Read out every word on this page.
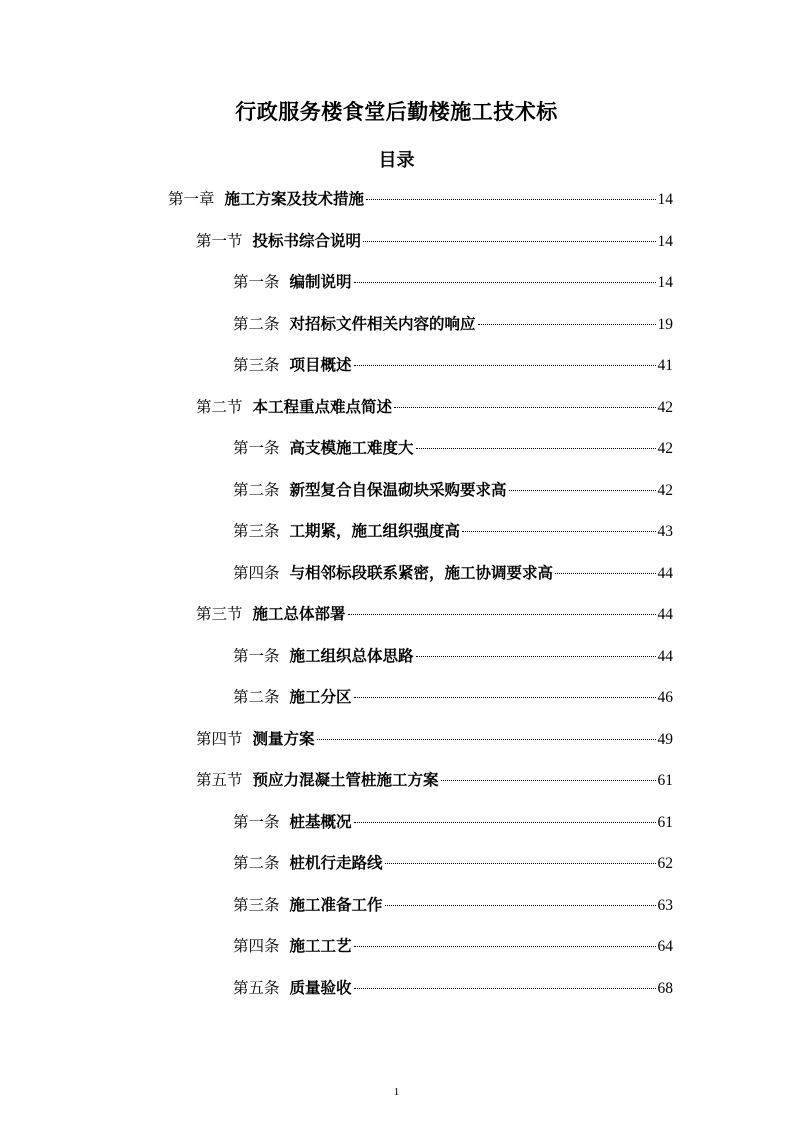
行政服务楼食堂后勤楼施工技术标
目录
第一章 施工方案及技术措施	14
第一节 投标书综合说明	14
第一条 编制说明	14
第二条 对招标文件相关内容的响应	19
第三条 项目概述	41
第二节 本工程重点难点简述	42
第一条 高支模施工难度大	42
第二条 新型复合自保温砌块采购要求高	42
第三条 工期紧，施工组织强度高	43
第四条 与相邻标段联系紧密，施工协调要求高	44
第三节 施工总体部署	44
第一条 施工组织总体思路	44
第二条 施工分区	46
第四节 测量方案	49
第五节 预应力混凝土管桩施工方案	61
第一条 桩基概况	61
第二条 桩机行走路线	62
第三条 施工准备工作	63
第四条 施工工艺	64
第五条 质量验收	68
1
